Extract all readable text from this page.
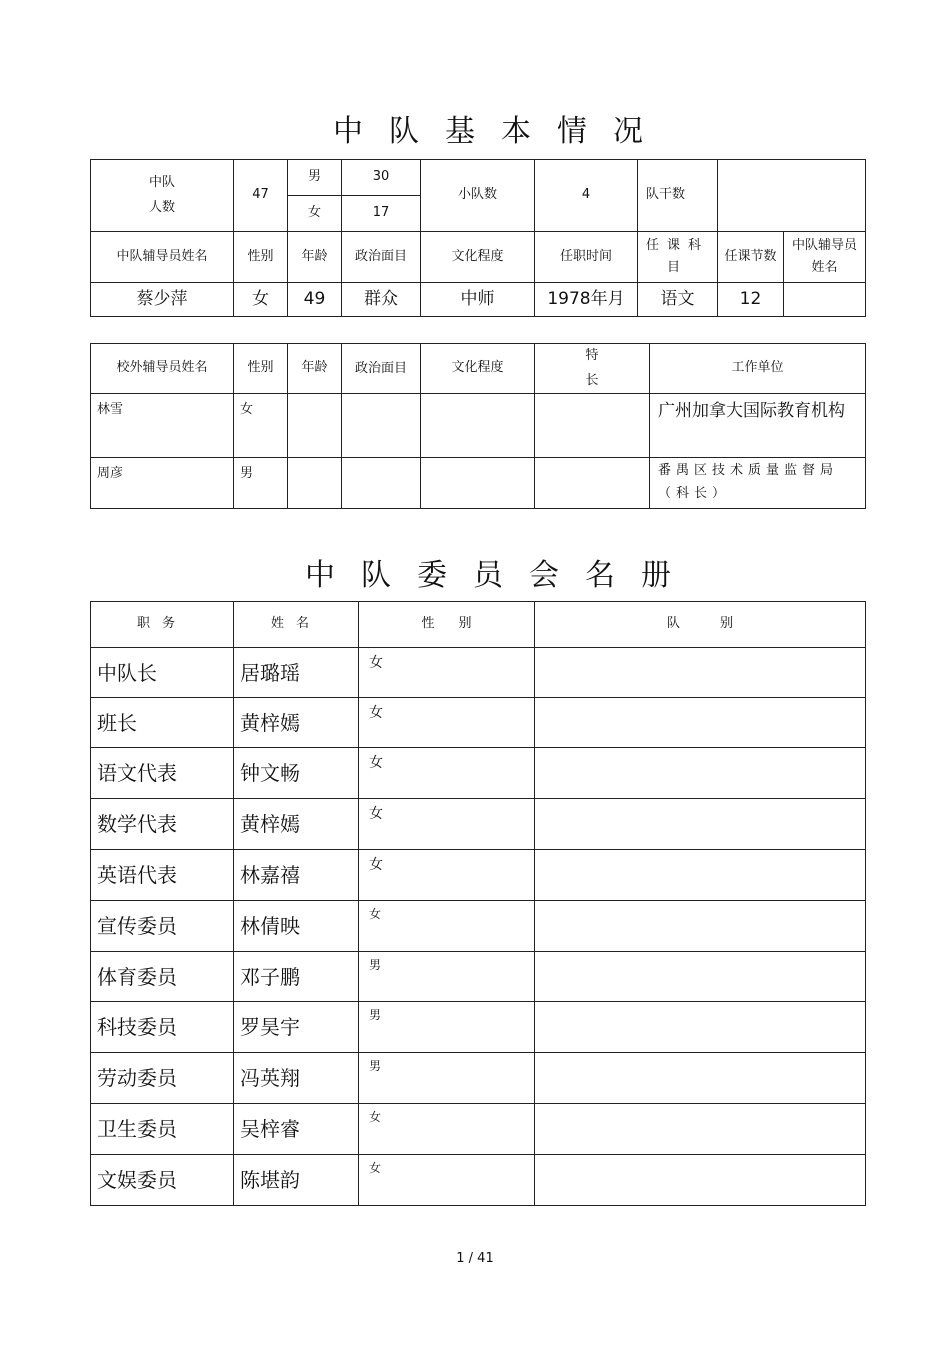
中队基本情况
中队
人数	47	男	30	小队数	4	队干数		
		女	17					
中队辅导员姓名	性别	年龄	政治面目	文化程度	任职时间	任课科目	任课节数	中队辅导员姓名
蔡少萍	女	49	群众	中师	1978年月	语文	12	
校外辅导员姓名	性别	年龄	政治面目	文化程度	特长	工作单位
林雪	女					广州加拿大国际教育机构
周彦	男					番禺区技术质量监督局（科长）
中队委员会名册
职务	姓名	性别	队别
中队长	居璐瑶	女	
班长	黄梓嫣	女	
语文代表	钟文畅	女	
数学代表	黄梓嫣	女	
英语代表	林嘉禧	女	
宣传委员	林倩映	女	
体育委员	邓子鹏	男	
科技委员	罗昊宇	男	
劳动委员	冯英翔	男	
卫生委员	吴梓睿	女	
文娱委员	陈堪韵	女	
1 / 41
